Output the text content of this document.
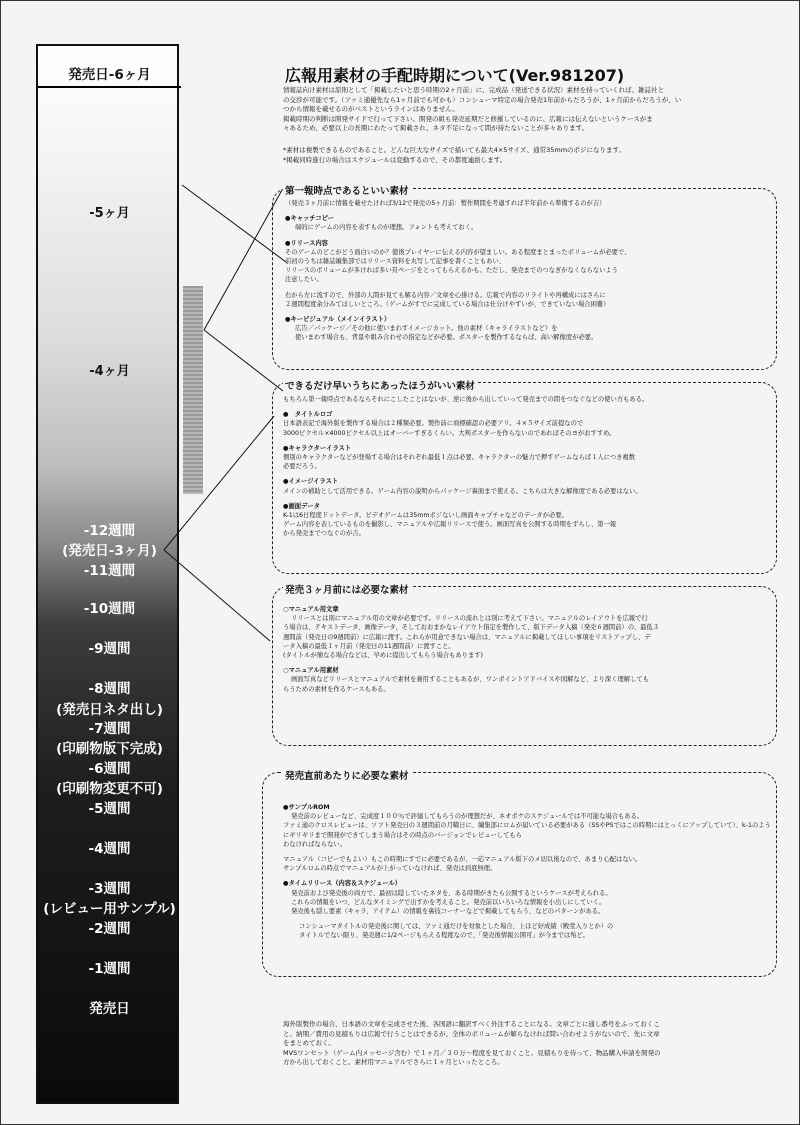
発売日-6ヶ月
-5ヶ月
-4ヶ月
-12週間
(発売日-3ヶ月)
-11週間
-10週間
-9週間
-8週間
(発売日ネタ出し)
-7週間
(印刷物版下完成)
-6週間
(印刷物変更不可)
-5週間
-4週間
-3週間
(レビュー用サンプル)
-2週間
-1週間
発売日
広報用素材の手配時期について(Ver.981207)

情報誌向け素材は原則として「掲載したいと思う時期の2ヶ月前」に、完成品（発送できる状況）素材を持っていくれば、雑誌社と

の交渉が可能です。（ファミ通優先なら1ヶ月前でも可かも）コンシューマ特定の場合発売1年前からだろうが、1ヶ月前からだろうが、い

つから情報を載せるのがベストというラインはありません。

掲載時期の判断は開発サイドで行って下さい。開発の組も発売延期だと修羅しているのに、広報には伝えないというケースがま

々あるため、必要以上の長期にわたって掲載され、ネタ不足になって間が持たないことが多々あります。

*素材は複製できるものであること。どんな巨大なサイズで描いても最大4×5サイズ、通常35mmのポジになります。

*掲載同時進行の場合はスケジュールは変動するので、その都度連絡します。

第一報時点であるといい素材

（発売３ヶ月前に情報を載せたければ3/12で発売の5ヶ月前：製作期間を考慮すれば半年前から準備するのが吉）

●キャッチコピー

端的にゲームの内容を表すものが理想。フォントも考えておく。

●リリース内容

そのゲームのどこがどう面白いのか？億後プレイヤーに伝える内容が望ましい。ある程度まとまったボリュームが必要で、

前初のうちは雑誌編集部ではリリース資料を丸写して記事を書くこともあい、

リリースのボリュームが多ければ多い頁ページをとってもらえるかも。ただし、発売までのつなぎがなくならないよう

注意したい。

右から左に流すので、外部の人間が見ても解る内容／文章を心掛ける。広報で内容のリライトや再構成にはさらに

２週間程度余分みてほしいところ。（ゲームがすでに完成している場合は仕分けやすいが、できていない場合困難）

●キービジュアル（メインイラスト）

広告／パッケージ／その他に使いまわすイメージカット。他の素材（キャライラストなど）を

使いまわす場合も、背景や組み合わせの指定などが必要。ポスターを製作するならば、高い解像度が必要。

できるだけ早いうちにあったほうがいい素材

もちろん第一報時点であるならそれにこしたことはないが、逆に後から出していって発売までの間をつなぐなどの使い方もある。

●　タイトルロゴ

日本語表記で海外版を製作する場合は２種類必要。製作前に商標確認の必要アリ。４×５サイズ前提なので

3000ピクセル×4000ピクセル以上はオーバーすぎるくらい。大判ポスターを作らないのであればそのヨがおすすめ。

●キャラクターイラスト

個別のキャラクターなどが登場する場合はそれぞれ最低１点は必要。キャラクターの魅力で押すゲームならば１人につき複数

必要だろう。

●イメージイラスト

メインの補助として活用できる。ゲーム内容の説明からパッケージ裏面まで使える。こちらは大きな解像度である必要はない。

●画面データ

K-1は6日程度ドットデータ。ビデオゲームは35mmポジないし画面キャプチャなどのデータが必要。

ゲーム内容を表しているものを撮影し、マニュアルや広報リリースで使う。画面写真を公開する時期をずらし、第一報

から発売までつなぐのが吉。

発売３ヶ月前には必要な素材

○マニュアル用文章

リリースとは別にマニュアル用の文章が必要です。リリースの流れとは別に考えて下さい。マニュアルのレイアウトを広報で行

う場合は、テキストデータ、画像データ、そしておおまかなレイアウト指定を製作して、版下データ入稿（発売６週間前）の、最低３

週間前（発売日の9週間前）に広報に渡す。これらが用意できない場合は、マニュアルに掲載してほしい事項をリストアップし、デ

ータ入稿の最低１ヶ月前（発売日の11週間前）に渡すこと。

(タイトルが簡なる場合などは、早めに提出してもらう場合もあります)

○マニュアル用素材

画面写真などリリースとマニュアルで素材を兼用することもあるが、ワンポイントアドバイスや図解など、より深く理解しても

らうための素材を作るケースもある。

発売直前あたりに必要な素材

●サンプルROM

発売前のレビューなど、完成度１００％で評価してもらうのが理想だが、ネオポケのスケジュールでは不可能な場合もある。

ファミ通のクロスレビューは、ソフト発売日の３週間前の月曜日に、編集部にロムが届いている必要がある（SSやPSではこの時期にはとっくにアップしていて）、k-1のようにギリギリまで開発ができてしまう場合はその時点のバージョンでレビューしてもら

わなければならない。

マニュアル（コピーでもよい）もこの時期にすでに必要であるが、一応マニュアル版下のメ切以後なので、あまり心配はない。

サンプルロムの時点でマニュアルが上がっていなければ、発売は到底無理。

●タイムリリース（内容＆スケジュール）

発売前および発売後の両方で、最初は隠していたネタを、ある時期がきたら公開するというケースが考えられる。

これらの情報をいつ、どんなタイミングで出すかを考えること。発売前以いろいろな情報を小出しにしていく。

発売後も隠し要素（キャラ、アイテム）の情報を裏技コーナーなどで掲載してもらう、などのパターンがある。

コンシューマタイトルの発売後に関しては、ファミ通だけを対象とした場合、上ほど好成績（殿堂入りとか）の

タイトルでない限り、発売週に1/2ページもらえる程度なので、「発売後情報公開可」が今までは殆ど。

海外版製作の場合、日本語の文章を完成させた後、各国語に翻訳すべく外注することになる。文章ごとに通し番号をふっておくこ

と。納期／費用の見積もりは広報で行うことはできるが、全体のボリュームが解らなければ問い合わせようがないので、先に文章

をまとめておく。

MVSワンセット（ゲーム内メッセージ含む）で１ヶ月／３０万～程度を見ておくこと。見積もりを待って、物品購入申請を開発の

方から出しておくこと。素材用マニュアルでさらに１ヶ月といったところ。
